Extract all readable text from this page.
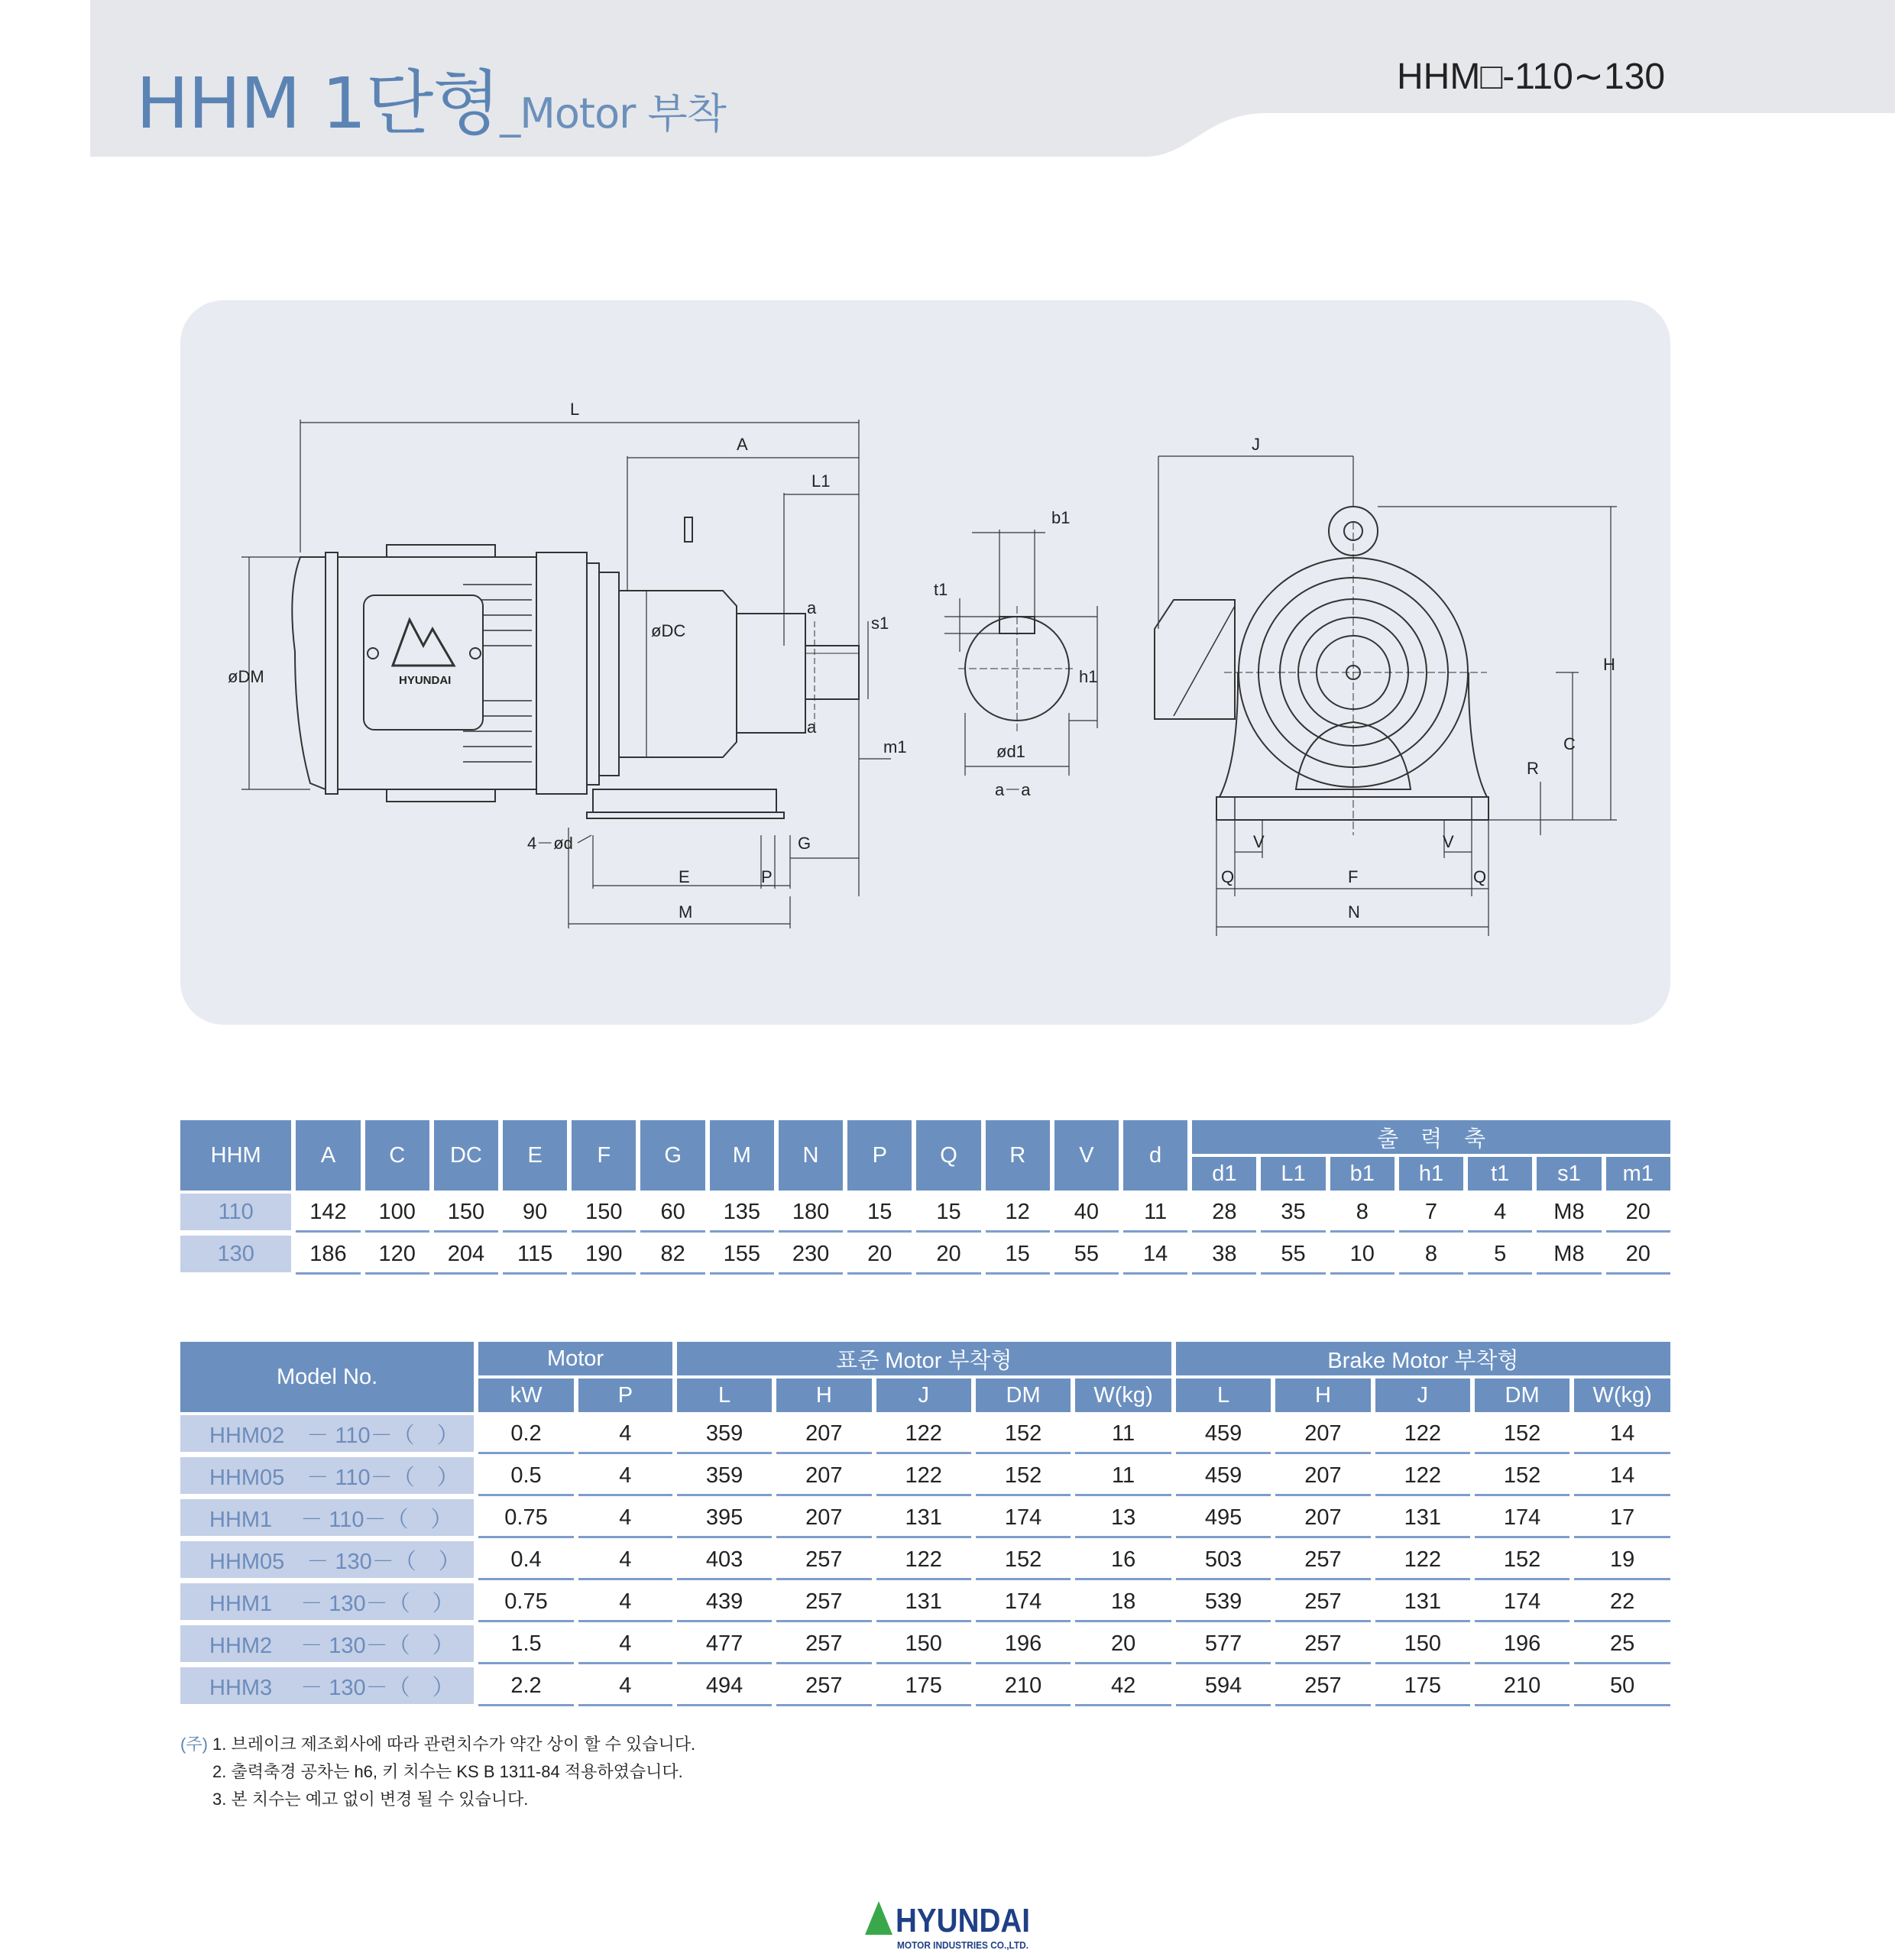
HHM 1단형_Motor 부착
HHM□-110∼130
L
A
L1
J
b1
t1
s1
a
a
øDC
øDM	h1
ød1
a－a
m1
G
4－ød
E	P
M
H
C
R
V	V
Q	F	Q
N
HYUNDAI
HHM	A	C	DC	E	F	G	M	N	P	Q	R	V	d	출　력　축						
														d1	L1	b1	h1	t1	s1	m1
110	142	100	150	90	150	60	135	180	15	15	12	40	11	28	35	8	7	4	M8	20
130	186	120	204	115	190	82	155	230	20	20	15	55	14	38	55	10	8	5	M8	20
Model No.	Motor		표준 Motor 부착형					Brake Motor 부착형				
	kW	P	L	H	J	DM	W(kg)	L	H	J	DM	W(kg)
HHM02　－ 110－（　）	0.2	4	359	207	122	152	11	459	207	122	152	14
HHM05　－ 110－（　）	0.5	4	359	207	122	152	11	459	207	122	152	14
HHM1　 － 110－（　）	0.75	4	395	207	131	174	13	495	207	131	174	17
HHM05　－ 130－（　）	0.4	4	403	257	122	152	16	503	257	122	152	19
HHM1　 － 130－（　）	0.75	4	439	257	131	174	18	539	257	131	174	22
HHM2　 － 130－（　）	1.5	4	477	257	150	196	20	577	257	150	196	25
HHM3　 － 130－（　）	2.2	4	494	257	175	210	42	594	257	175	210	50
(주) 1. 브레이크 제조회사에 따라 관련치수가 약간 상이 할 수 있습니다.
2. 출력축경 공차는 h6, 키 치수는 KS B 1311-84 적용하였습니다.
3. 본 치수는 예고 없이 변경 될 수 있습니다.
HYUNDAI
MOTOR INDUSTRIES CO.,LTD.
